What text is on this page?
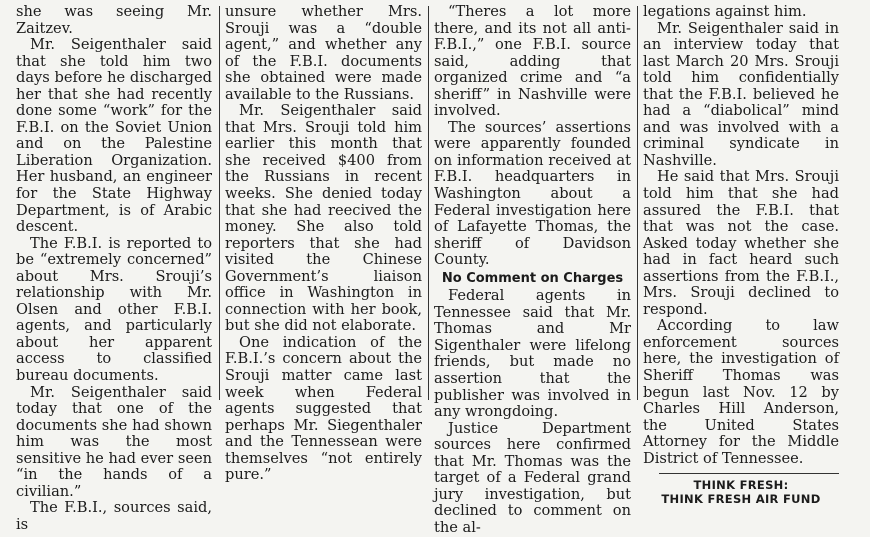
she was seeing Mr. Zaitzev.

Mr. Seigenthaler said that she told him two days before he discharged her that she had recently done some “work” for the F.B.I. on the Soviet Union and on the Palestine Liberation Organization. Her husband, an engineer for the State Highway Department, is of Arabic descent.

The F.B.I. is reported to be “extremely concerned” about Mrs. Srouji’s relationship with Mr. Olsen and other F.B.I. agents, and particularly about her apparent access to classified bureau documents.

Mr. Seigenthaler said today that one of the documents she had shown him was the most sensitive he had ever seen “in the hands of a civilian.”

The F.B.I., sources said, is

unsure whether Mrs. Srouji was a “double agent,” and whether any of the F.B.I. documents she obtained were made available to the Russians.

Mr. Seigenthaler said that Mrs. Srouji told him earlier this month that she received $400 from the Russians in recent weeks. She denied today that she had reecived the money. She also told reporters that she had visited the Chinese Government’s liaison office in Washington in connection with her book, but she did not elaborate.

One indication of the F.B.I.’s concern about the Srouji matter came last week when Federal agents suggested that perhaps Mr. Siegenthaler and the Tennessean were themselves “not entirely pure.”

“Theres a lot more there, and its not all anti-F.B.I.,” one F.B.I. source said, adding that organized crime and “a sheriff” in Nashville were involved.

The sources’ assertions were apparently founded on information received at F.B.I. headquarters in Washington about a Federal investigation here of Lafayette Thomas, the sheriff of Davidson County.

No Comment on Charges

Federal agents in Tennessee said that Mr. Thomas and Mr Sigenthaler were lifelong friends, but made no assertion that the publisher was involved in any wrongdoing.

Justice Department sources here confirmed that Mr. Thomas was the target of a Federal grand jury investigation, but declined to comment on the al-

legations against him.

Mr. Seigenthaler said in an interview today that last March 20 Mrs. Srouji told him confidentially that the F.B.I. believed he had a “diabolical” mind and was involved with a criminal syndicate in Nashville.

He said that Mrs. Srouji told him that she had assured the F.B.I. that that was not the case. Asked today whether she had in fact heard such assertions from the F.B.I., Mrs. Srouji declined to respond.

According to law enforcement sources here, the investigation of Sheriff Thomas was begun last Nov. 12 by Charles Hill Anderson, the United States Attorney for the Middle District of Tennessee.

THINK FRESH:
THINK FRESH AIR FUND
